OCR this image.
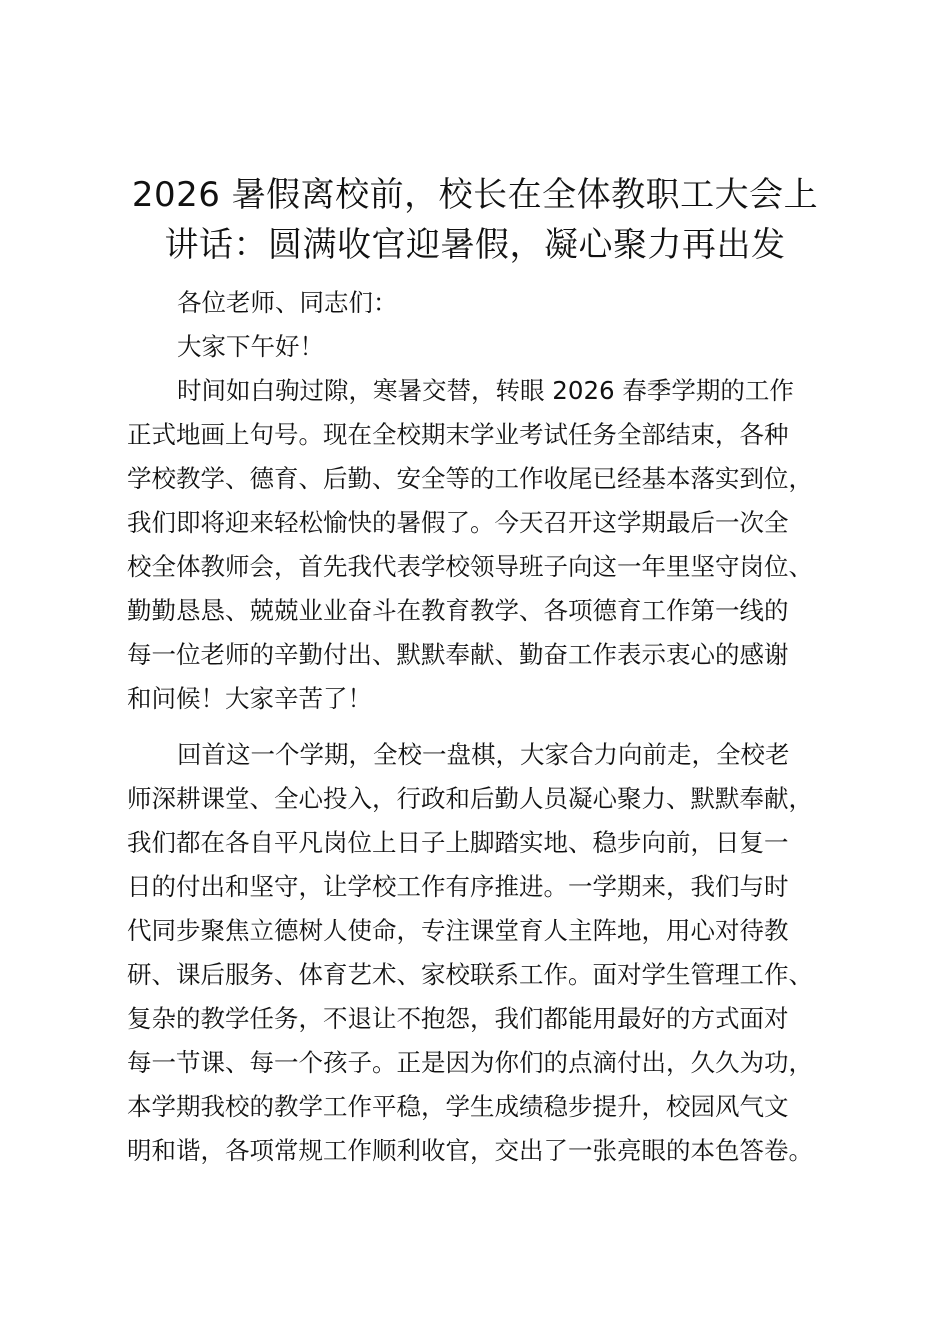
2026 暑假离校前，校长在全体教职工大会上
讲话：圆满收官迎暑假，凝心聚力再出发
各位老师、同志们：
大家下午好！
时间如白驹过隙，寒暑交替，转眼 2026 春季学期的工作
正式地画上句号。现在全校期末学业考试任务全部结束，各种
学校教学、德育、后勤、安全等的工作收尾已经基本落实到位，
我们即将迎来轻松愉快的暑假了。今天召开这学期最后一次全
校全体教师会，首先我代表学校领导班子向这一年里坚守岗位、
勤勤恳恳、兢兢业业奋斗在教育教学、各项德育工作第一线的
每一位老师的辛勤付出、默默奉献、勤奋工作表示衷心的感谢
和问候！大家辛苦了！
回首这一个学期，全校一盘棋，大家合力向前走，全校老
师深耕课堂、全心投入，行政和后勤人员凝心聚力、默默奉献，
我们都在各自平凡岗位上日子上脚踏实地、稳步向前，日复一
日的付出和坚守，让学校工作有序推进。一学期来，我们与时
代同步聚焦立德树人使命，专注课堂育人主阵地，用心对待教
研、课后服务、体育艺术、家校联系工作。面对学生管理工作、
复杂的教学任务，不退让不抱怨，我们都能用最好的方式面对
每一节课、每一个孩子。正是因为你们的点滴付出，久久为功，
本学期我校的教学工作平稳，学生成绩稳步提升，校园风气文
明和谐，各项常规工作顺利收官，交出了一张亮眼的本色答卷。
